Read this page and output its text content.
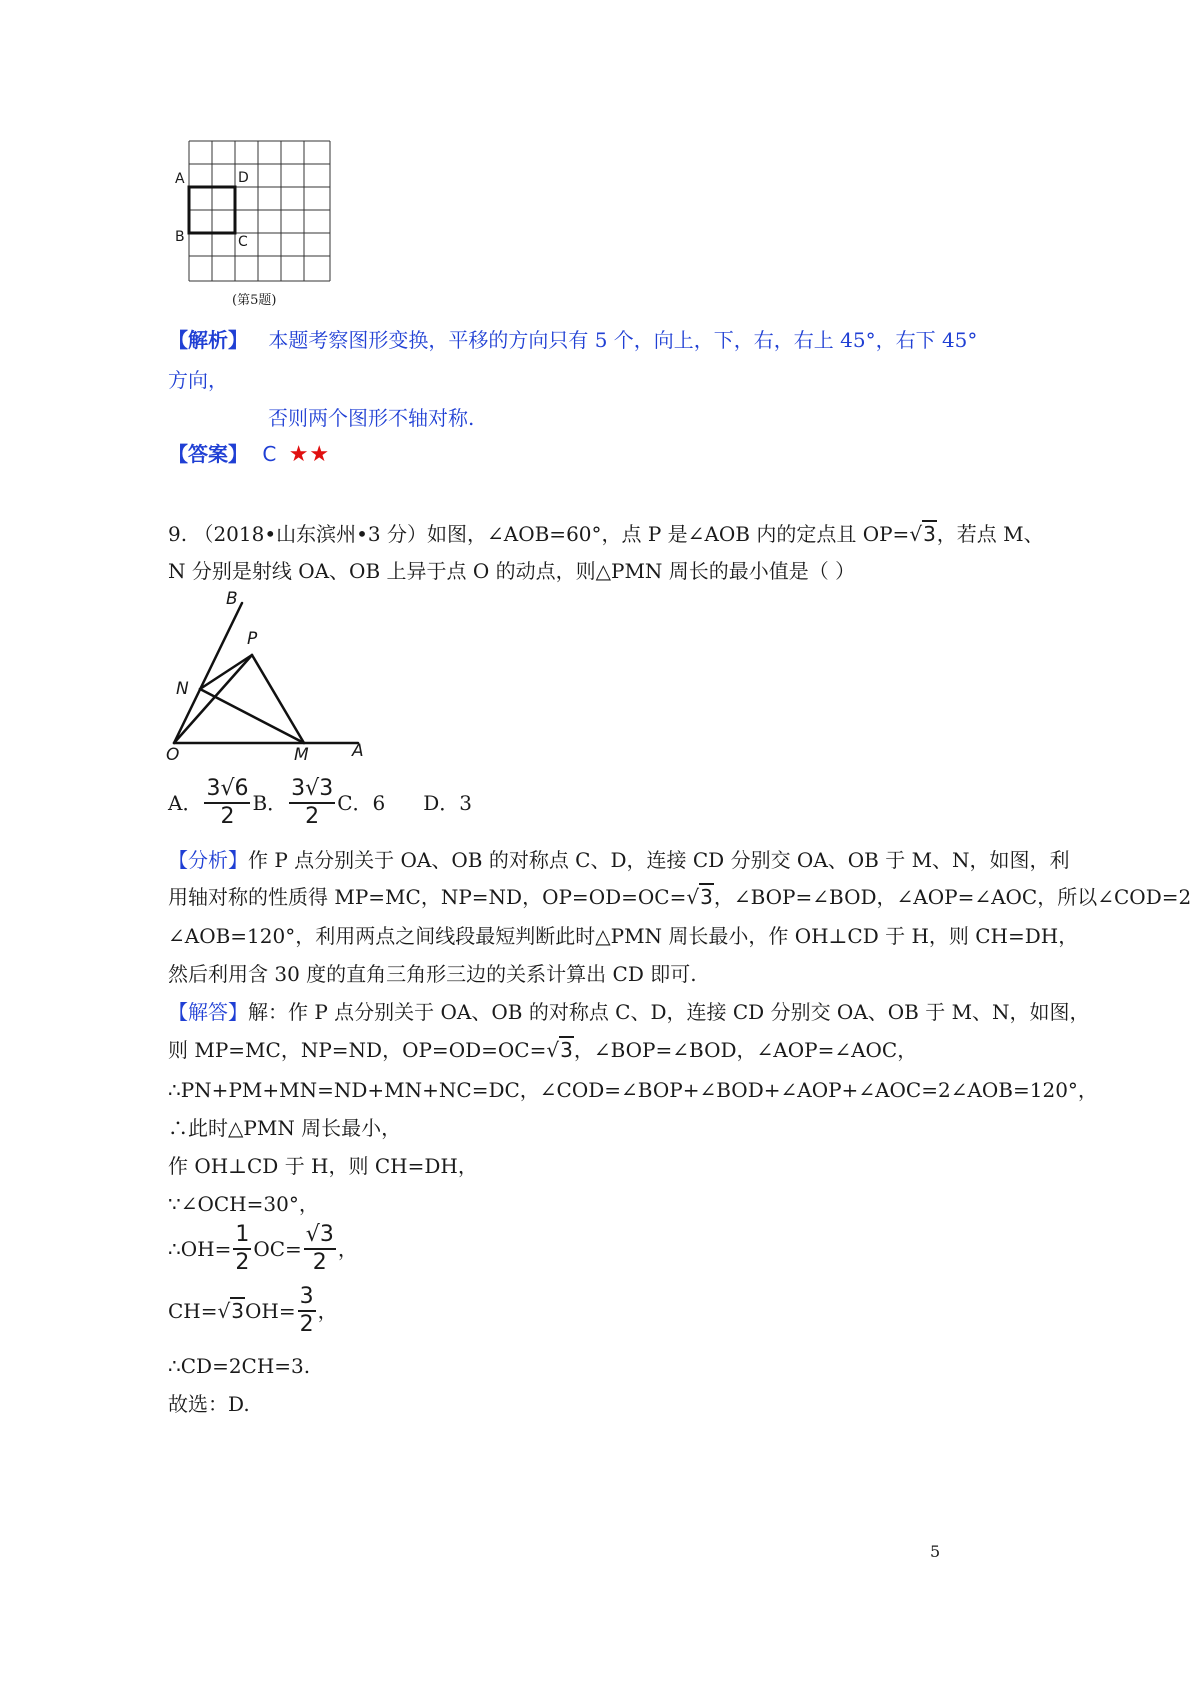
A
B
D
C
(第5题)
【解析】 本题考察图形变换，平移的方向只有 5 个，向上，下，右，右上 45°，右下 45°
方向，
否则两个图形不轴对称.
【答案】 C ★★
9. （2018•山东滨州•3 分）如图，∠AOB=60°，点 P 是∠AOB 内的定点且 OP=√3，若点 M、
N 分别是射线 OA、OB 上异于点 O 的动点，则△PMN 周长的最小值是（ ）
B
P
N
O	M	A
A． $\frac{3√6}{2}$ B． $\frac{3√3}{2}$ C．6 D．3
【分析】作 P 点分别关于 OA、OB 的对称点 C、D，连接 CD 分别交 OA、OB 于 M、N，如图，利
用轴对称的性质得 MP=MC，NP=ND，OP=OD=OC=√3，∠BOP=∠BOD，∠AOP=∠AOC，所以∠COD=2
∠AOB=120°，利用两点之间线段最短判断此时△PMN 周长最小，作 OH⊥CD 于 H，则 CH=DH，
然后利用含 30 度的直角三角形三边的关系计算出 CD 即可.
【解答】解：作 P 点分别关于 OA、OB 的对称点 C、D，连接 CD 分别交 OA、OB 于 M、N，如图，
则 MP=MC，NP=ND，OP=OD=OC=√3，∠BOP=∠BOD，∠AOP=∠AOC，
∴PN+PM+MN=ND+MN+NC=DC，∠COD=∠BOP+∠BOD+∠AOP+∠AOC=2∠AOB=120°，
∴此时△PMN 周长最小，
作 OH⊥CD 于 H，则 CH=DH，
∵∠OCH=30°，
∴OH= $\frac{1}{2} OC= \frac{√3}{2}$ ，
$CH=√3OH= \frac{3}{2}$ ，
∴CD=2CH=3.
故选：D.
5
